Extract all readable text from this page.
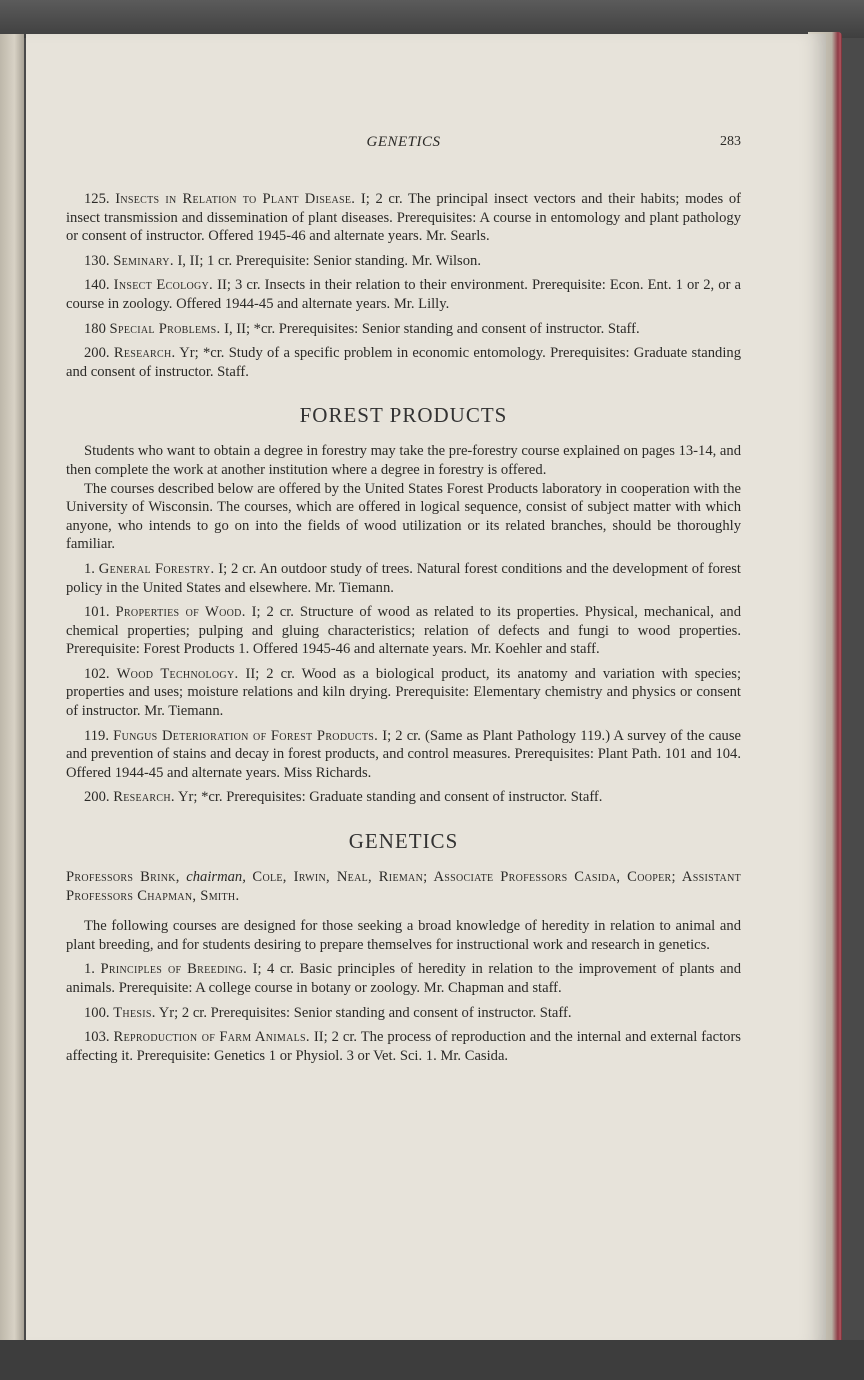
GENETICS	283

125. Insects in Relation to Plant Disease. I; 2 cr. The principal insect vectors and their habits; modes of insect transmission and dissemination of plant diseases. Prerequisites: A course in entomology and plant pathology or consent of instructor. Offered 1945-46 and alternate years. Mr. Searls.

130. Seminary. I, II; 1 cr. Prerequisite: Senior standing. Mr. Wilson.

140. Insect Ecology. II; 3 cr. Insects in their relation to their environment. Prerequisite: Econ. Ent. 1 or 2, or a course in zoology. Offered 1944-45 and alternate years. Mr. Lilly.

180 Special Problems. I, II; *cr. Prerequisites: Senior standing and consent of instructor. Staff.

200. Research. Yr; *cr. Study of a specific problem in economic entomology. Prerequisites: Graduate standing and consent of instructor. Staff.

FOREST PRODUCTS

Students who want to obtain a degree in forestry may take the pre-forestry course explained on pages 13-14, and then complete the work at another institution where a degree in forestry is offered.

The courses described below are offered by the United States Forest Products laboratory in cooperation with the University of Wisconsin. The courses, which are offered in logical sequence, consist of subject matter with which anyone, who intends to go on into the fields of wood utilization or its related branches, should be thoroughly familiar.

1. General Forestry. I; 2 cr. An outdoor study of trees. Natural forest conditions and the development of forest policy in the United States and elsewhere. Mr. Tiemann.

101. Properties of Wood. I; 2 cr. Structure of wood as related to its properties. Physical, mechanical, and chemical properties; pulping and gluing characteristics; relation of defects and fungi to wood properties. Prerequisite: Forest Products 1. Offered 1945-46 and alternate years. Mr. Koehler and staff.

102. Wood Technology. II; 2 cr. Wood as a biological product, its anatomy and variation with species; properties and uses; moisture relations and kiln drying. Prerequisite: Elementary chemistry and physics or consent of instructor. Mr. Tiemann.

119. Fungus Deterioration of Forest Products. I; 2 cr. (Same as Plant Pathology 119.) A survey of the cause and prevention of stains and decay in forest products, and control measures. Prerequisites: Plant Path. 101 and 104. Offered 1944-45 and alternate years. Miss Richards.

200. Research. Yr; *cr. Prerequisites: Graduate standing and consent of instructor. Staff.

GENETICS

Professors Brink, chairman, Cole, Irwin, Neal, Rieman; Associate Professors Casida, Cooper; Assistant Professors Chapman, Smith.

The following courses are designed for those seeking a broad knowledge of heredity in relation to animal and plant breeding, and for students desiring to prepare themselves for instructional work and research in genetics.

1. Principles of Breeding. I; 4 cr. Basic principles of heredity in relation to the improvement of plants and animals. Prerequisite: A college course in botany or zoology. Mr. Chapman and staff.

100. Thesis. Yr; 2 cr. Prerequisites: Senior standing and consent of instructor. Staff.

103. Reproduction of Farm Animals. II; 2 cr. The process of reproduction and the internal and external factors affecting it. Prerequisite: Genetics 1 or Physiol. 3 or Vet. Sci. 1. Mr. Casida.
